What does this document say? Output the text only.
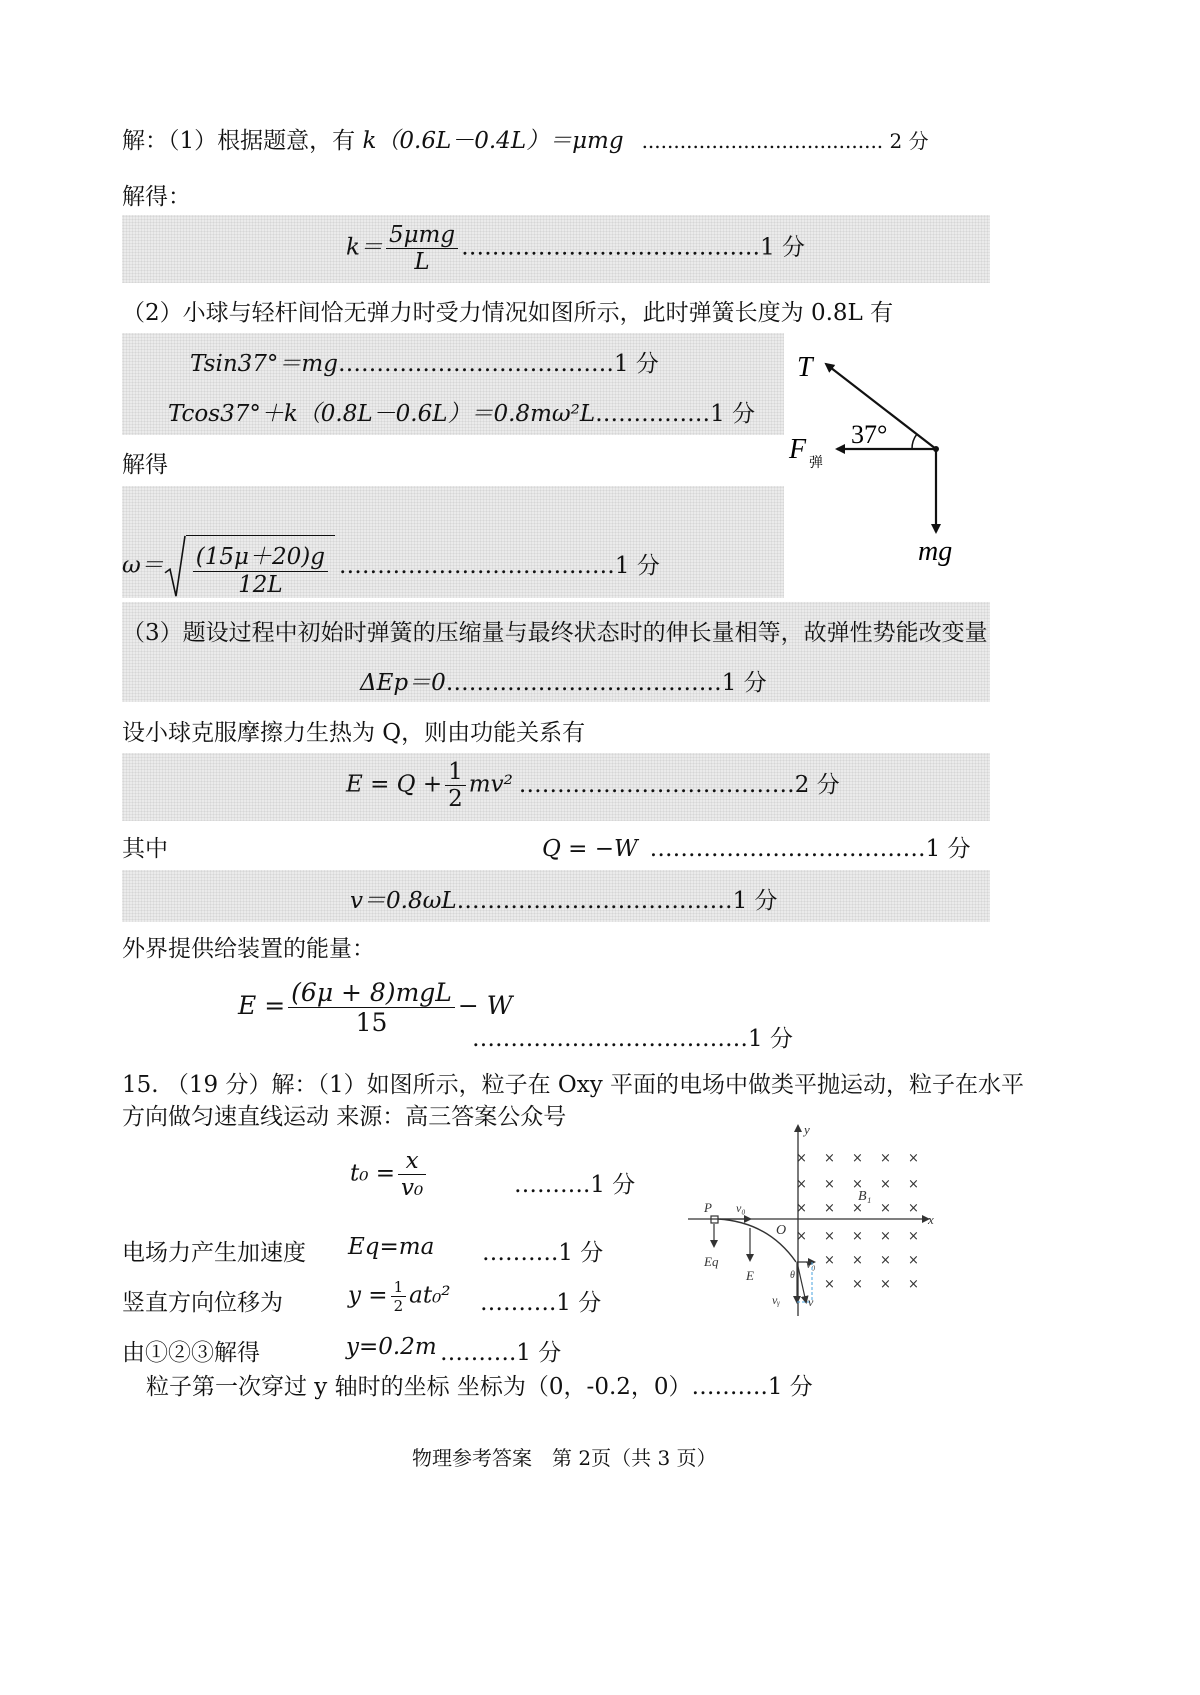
解：（1）根据题意，有 k（0.6L－0.4L）＝μmg ...................................... 2 分
解得：
$k= \frac{\text{5μmg}}{L}$ …………………………………1 分
（2）小球与轻杆间恰无弹力时受力情况如图所示，此时弹簧长度为 0.8L 有
Tsin37°＝mg………………………………1 分
Tcos37°＋k（0.8L－0.6L）＝0.8mω²L……………1 分
解得
$\omega= \frac{(15\mu+20)g}{12L}$ ………………………………1 分
T
37°
F 弹
mg
（3）题设过程中初始时弹簧的压缩量与最终状态时的伸长量相等，故弹性势能改变量
ΔEp＝0………………………………1 分
设小球克服摩擦力生热为 Q，则由功能关系有
$E = Q + \frac{1}{2} mv^2$ ………………………………2 分
其中	Q = −W ………………………………1 分
v＝0.8ωL………………………………1 分
外界提供给装置的能量：
$E = \frac{\text{(6μ + 8)mgL}}{15} - W$
………………………………1 分
15. （19 分）解：（1）如图所示，粒子在 Oxy 平面的电场中做类平抛运动，粒子在水平
方向做匀速直线运动 来源：高三答案公众号
$t_0 = \frac{x}{\text{v₀}}$	……….1 分
电场力产生加速度 Eq=ma ……….1 分
竖直方向位移为	$y = \frac{1}{2} at_0^2$ ……….1 分
由①②③解得	y=0.2m ……….1 分
粒子第一次穿过 y 轴时的坐标 坐标为（0，-0.2，0）……….1 分
y
x
O
× × × × ×
× × × × ×
× × × × ×
× × × × ×
× × × ×
× × × ×
B₁
P v₀
Eq
E
v₀
θ
vᵧ v
物理参考答案　第 2页（共 3 页）
